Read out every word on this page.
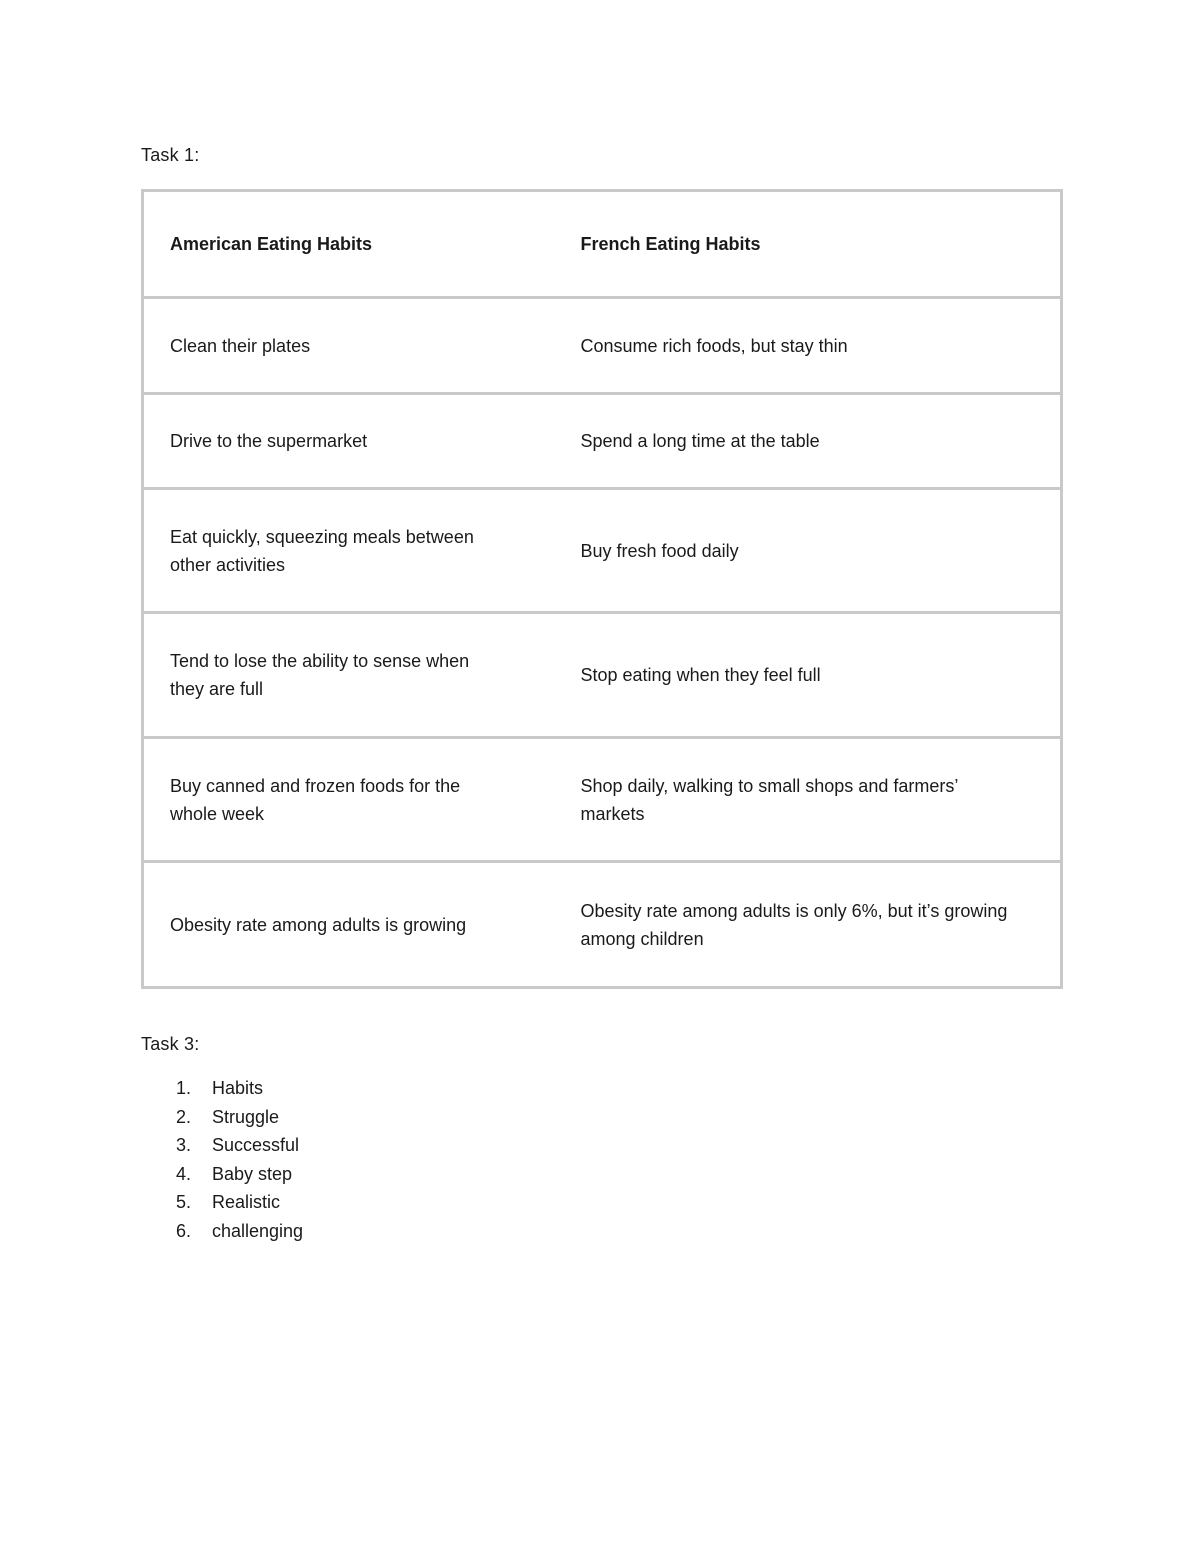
Task 1:

American Eating Habits	French Eating Habits
Clean their plates	Consume rich foods, but stay thin
Drive to the supermarket	Spend a long time at the table
Eat quickly, squeezing meals between other activities	Buy fresh food daily
Tend to lose the ability to sense when they are full	Stop eating when they feel full
Buy canned and frozen foods for the whole week	Shop daily, walking to small shops and farmers’ markets
Obesity rate among adults is growing	Obesity rate among adults is only 6%, but it’s growing among children

Task 3:

1.	Habits
2.	Struggle
3.	Successful
4.	Baby step
5.	Realistic
6.	challenging
